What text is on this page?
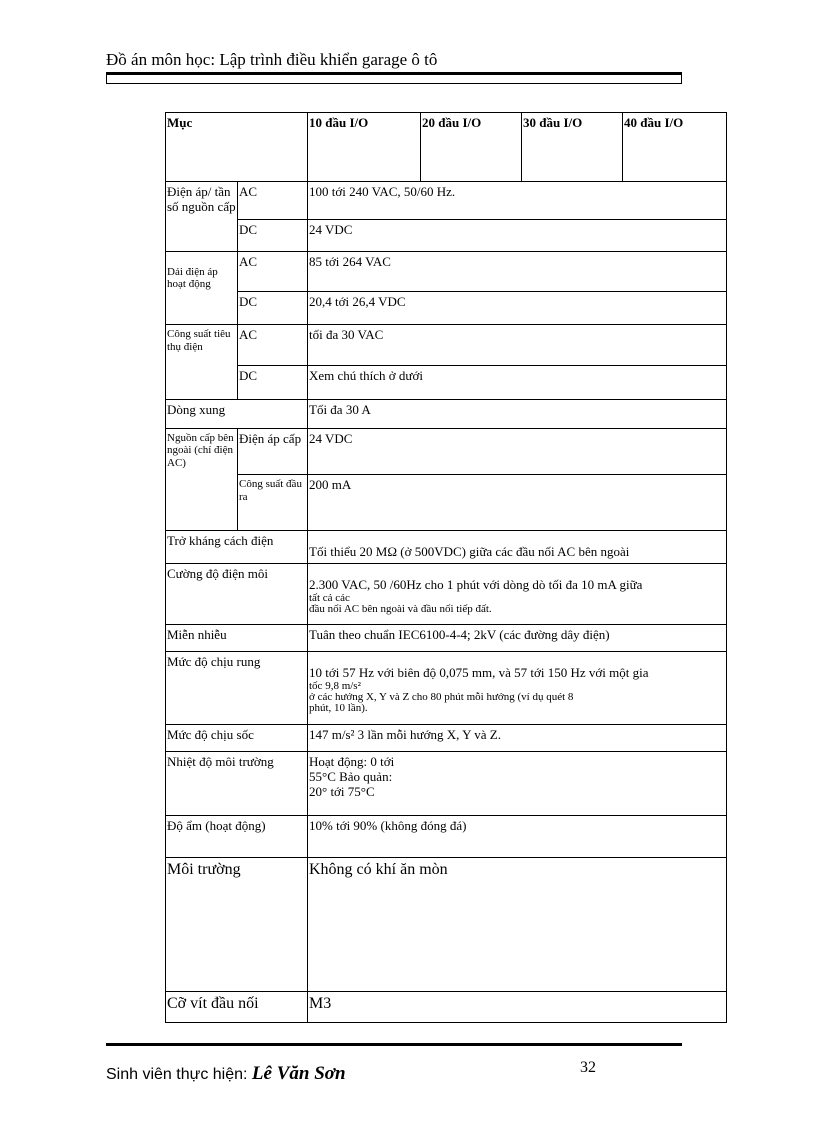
Đồ án môn học: Lập trình điều khiển garage ô tô
Mục		10 đầu I/O	20 đầu I/O	30 đầu I/O	40 đầu I/O
Điện áp/ tần số nguồn cấp	AC	100 tới 240 VAC, 50/60 Hz.			
	DC	24 VDC			
Dải điện áp hoạt động	AC	85 tới 264 VAC			
	DC	20,4 tới 26,4 VDC			
Công suất tiêu thụ điện	AC	tối đa 30 VAC			
	DC	Xem chú thích ở dưới			
Dòng xung		Tối đa 30 A			
Nguồn cấp bên ngoài (chỉ điện AC)	Điện áp cấp	24 VDC			
	Công suất đầu ra	200 mA			
Trở kháng cách điện		Tối thiểu 20 MΩ (ở 500VDC) giữa các đầu nối AC bên ngoài			
Cường độ điện môi		2.300 VAC, 50 /60Hz cho 1 phút với dòng dò tối đa 10 mA giữa
tất cả các
đầu nối AC bên ngoài và đầu nối tiếp đất.			

Miễn nhiễu		Tuân theo chuẩn IEC6100-4-4; 2kV (các đường dây điện)			
Mức độ chịu rung		10 tới 57 Hz với biên độ 0,075 mm, và 57 tới 150 Hz với một gia
tốc 9,8 m/s²
ở các hướng X, Y và Z cho 80 phút mỗi hướng (ví dụ quét 8
phút, 10 lần).			

Mức độ chịu sốc		147 m/s² 3 lần mỗi hướng X, Y và Z.			
Nhiệt độ môi trường		Hoạt động: 0 tới
55°C Bảo quản:
20° tới 75°C			

Độ ẩm (hoạt động)		10% tới 90% (không đóng đá)			
Môi trường		Không có khí ăn mòn			
Cỡ vít đầu nối		M3			
Sinh viên thực hiện: Lê Văn Sơn	32
